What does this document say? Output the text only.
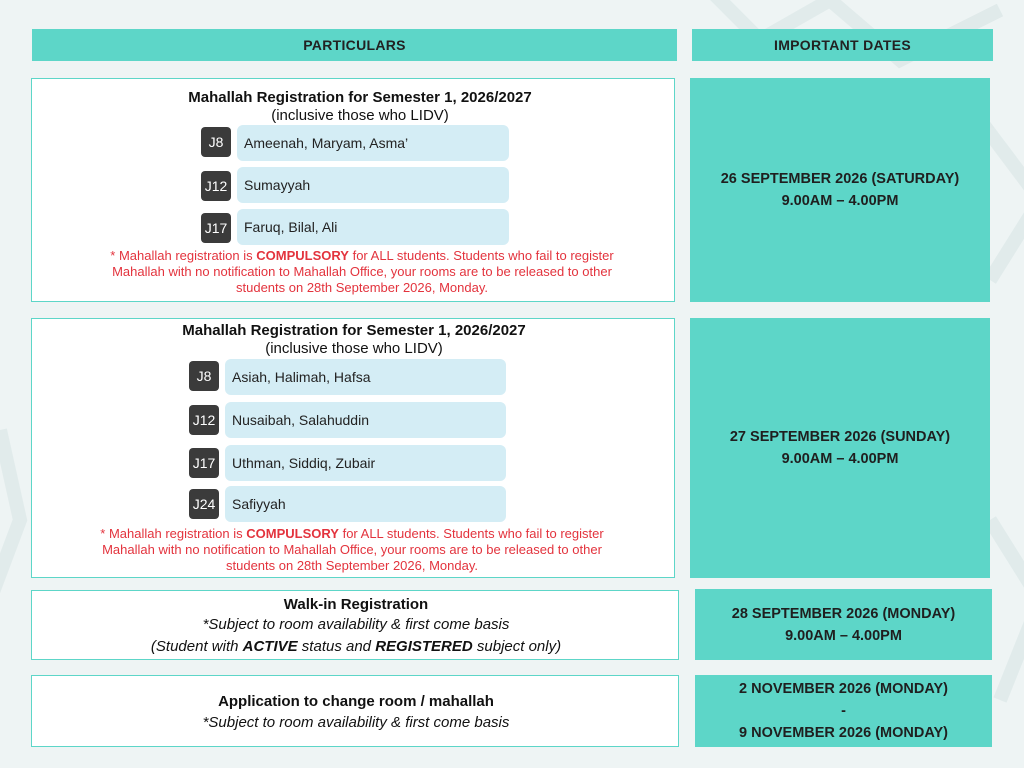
PARTICULARS	IMPORTANT DATES
Mahallah Registration for Semester 1, 2026/2027
(inclusive those who LIDV)
J8	Ameenah, Maryam, Asma’
J12	Sumayyah
J17	Faruq, Bilal, Ali
* Mahallah registration is COMPULSORY for ALL students. Students who fail to register Mahallah with no notification to Mahallah Office, your rooms are to be released to other students on 28th September 2026, Monday.
26 SEPTEMBER 2026 (SATURDAY)
9.00AM – 4.00PM
Mahallah Registration for Semester 1, 2026/2027
(inclusive those who LIDV)
J8	Asiah, Halimah, Hafsa
J12	Nusaibah, Salahuddin
J17	Uthman, Siddiq, Zubair
J24	Safiyyah
* Mahallah registration is COMPULSORY for ALL students. Students who fail to register Mahallah with no notification to Mahallah Office, your rooms are to be released to other students on 28th September 2026, Monday.
27 SEPTEMBER 2026 (SUNDAY)
9.00AM – 4.00PM
Walk-in Registration
*Subject to room availability & first come basis
(Student with ACTIVE status and REGISTERED subject only)
28 SEPTEMBER 2026 (MONDAY)
9.00AM – 4.00PM
Application to change room / mahallah
*Subject to room availability & first come basis
2 NOVEMBER 2026 (MONDAY)
-
9 NOVEMBER 2026 (MONDAY)
